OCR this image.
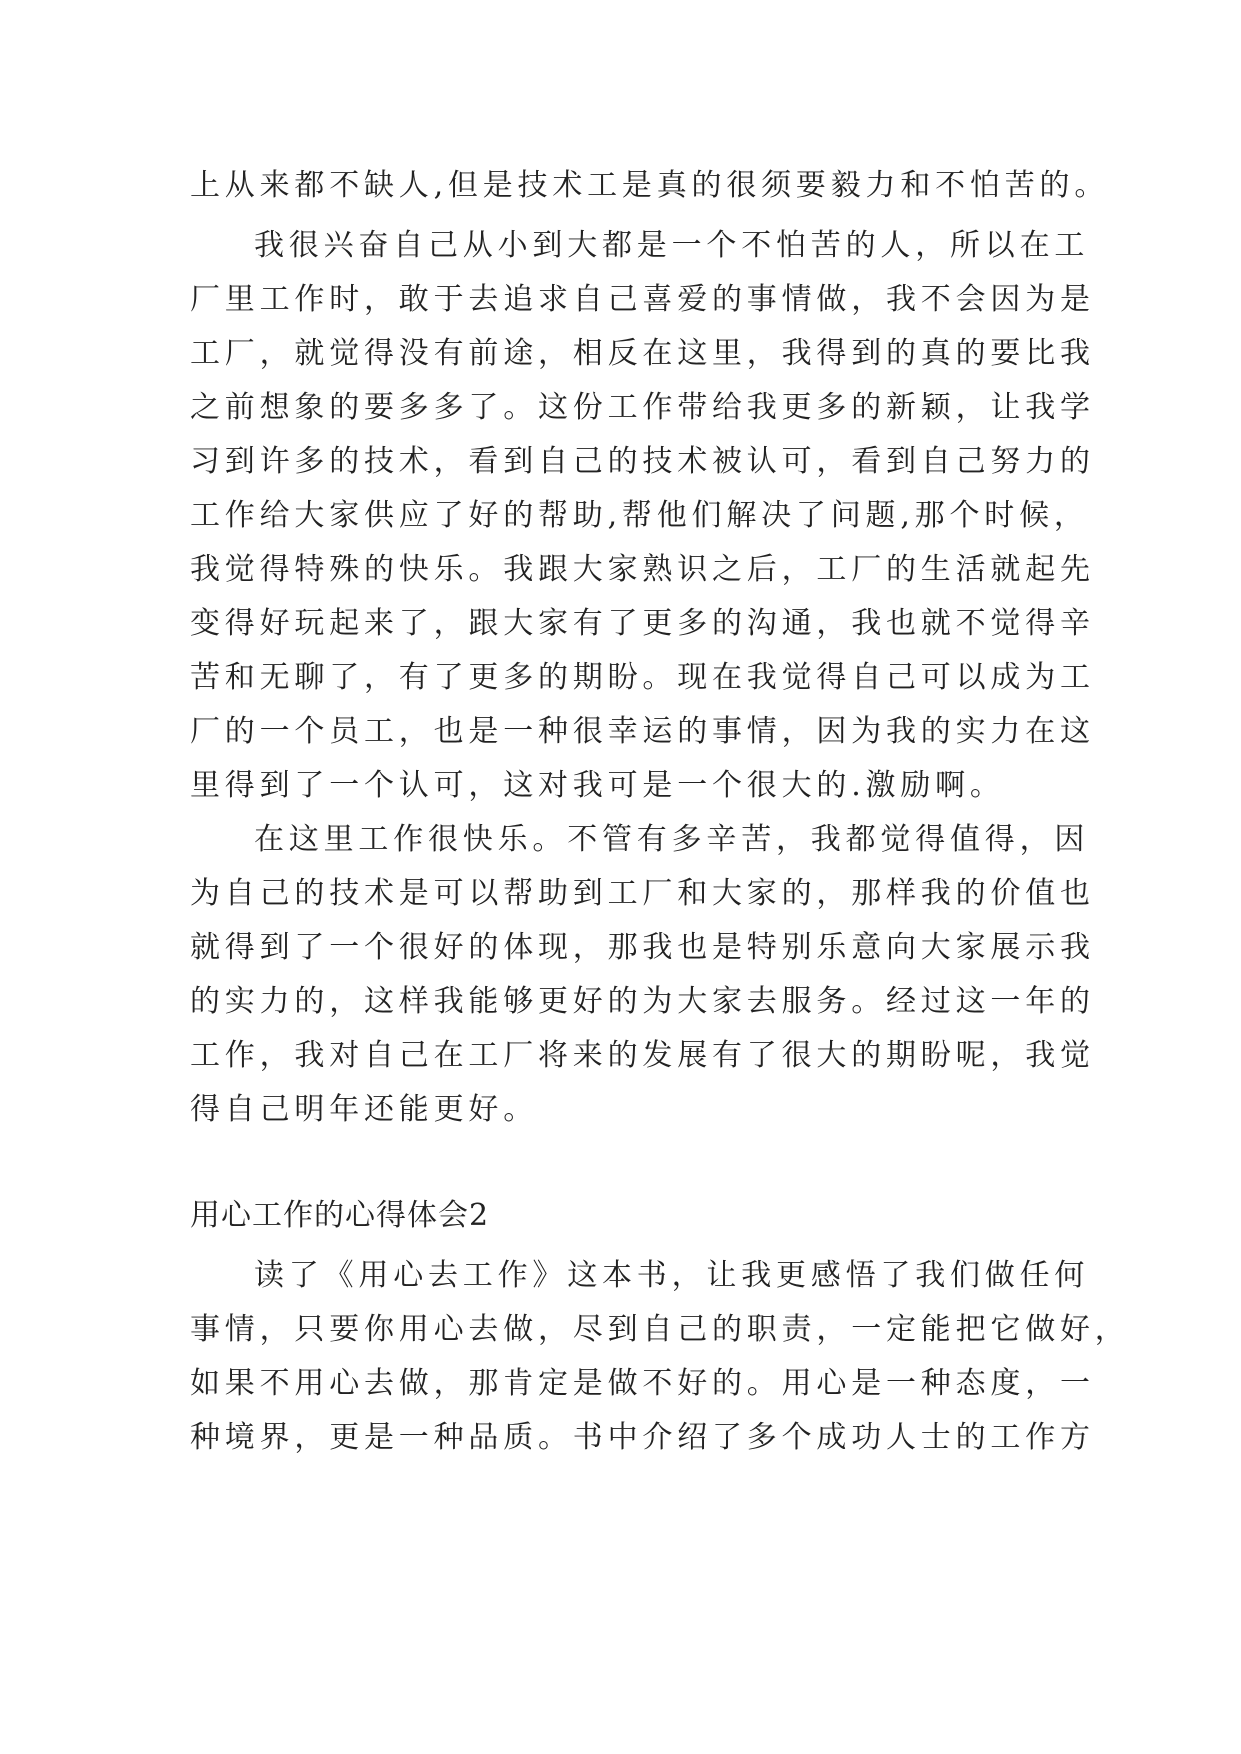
上从来都不缺人,但是技术工是真的很须要毅力和不怕苦的。
我很兴奋自己从小到大都是一个不怕苦的人，所以在工
厂里工作时，敢于去追求自己喜爱的事情做，我不会因为是
工厂，就觉得没有前途，相反在这里，我得到的真的要比我
之前想象的要多多了。这份工作带给我更多的新颖，让我学
习到许多的技术，看到自己的技术被认可，看到自己努力的
工作给大家供应了好的帮助,帮他们解决了问题,那个时候，
我觉得特殊的快乐。我跟大家熟识之后，工厂的生活就起先
变得好玩起来了，跟大家有了更多的沟通，我也就不觉得辛
苦和无聊了，有了更多的期盼。现在我觉得自己可以成为工
厂的一个员工，也是一种很幸运的事情，因为我的实力在这
里得到了一个认可，这对我可是一个很大的.激励啊。
在这里工作很快乐。不管有多辛苦，我都觉得值得，因
为自己的技术是可以帮助到工厂和大家的，那样我的价值也
就得到了一个很好的体现，那我也是特别乐意向大家展示我
的实力的，这样我能够更好的为大家去服务。经过这一年的
工作，我对自己在工厂将来的发展有了很大的期盼呢，我觉
得自己明年还能更好。
用心工作的心得体会2
读了《用心去工作》这本书，让我更感悟了我们做任何
事情，只要你用心去做，尽到自己的职责，一定能把它做好，
如果不用心去做，那肯定是做不好的。用心是一种态度，一
种境界，更是一种品质。书中介绍了多个成功人士的工作方
